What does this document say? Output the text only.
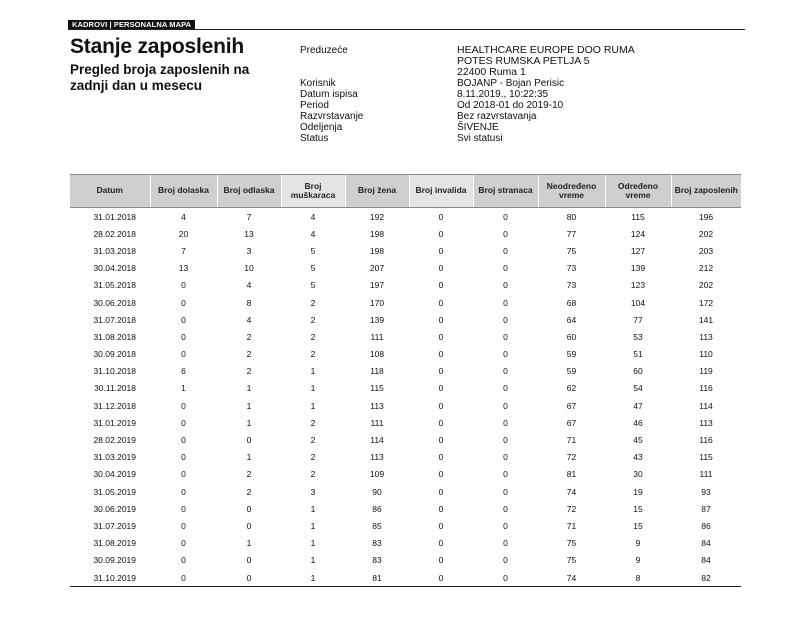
KADROVI | PERSONALNA MAPA
Stanje zaposlenih
Pregled broja zaposlenih na zadnji dan u mesecu
Preduzeće	HEALTHCARE EUROPE DOO RUMA
POTES RUMSKA PETLJA 5
22400 Ruma 1
Korisnik	BOJANP - Bojan Perisic
Datum ispisa	8.11.2019., 10:22:35
Period	Od 2018-01 do 2019-10
Razvrstavanje	Bez razvrstavanja
Odeljenja	ŠIVENJE
Status	Svi statusi
Datum	Broj dolaska	Broj odlaska	Broj muškaraca	Broj žena	Broj invalida	Broj stranaca	Neodređeno vreme	Određeno vreme	Broj zaposlenih
31.01.2018	4	7	4	192	0	0	80	115	196
28.02.2018	20	13	4	198	0	0	77	124	202
31.03.2018	7	3	5	198	0	0	75	127	203
30.04.2018	13	10	5	207	0	0	73	139	212
31.05.2018	0	4	5	197	0	0	73	123	202
30.06.2018	0	8	2	170	0	0	68	104	172
31.07.2018	0	4	2	139	0	0	64	77	141
31.08.2018	0	2	2	111	0	0	60	53	113
30.09.2018	0	2	2	108	0	0	59	51	110
31.10.2018	6	2	1	118	0	0	59	60	119
30.11.2018	1	1	1	115	0	0	62	54	116
31.12.2018	0	1	1	113	0	0	67	47	114
31.01.2019	0	1	2	111	0	0	67	46	113
28.02.2019	0	0	2	114	0	0	71	45	116
31.03.2019	0	1	2	113	0	0	72	43	115
30.04.2019	0	2	2	109	0	0	81	30	111
31.05.2019	0	2	3	90	0	0	74	19	93
30.06.2019	0	0	1	86	0	0	72	15	87
31.07.2019	0	0	1	85	0	0	71	15	86
31.08.2019	0	1	1	83	0	0	75	9	84
30.09.2019	0	0	1	83	0	0	75	9	84
31.10.2019	0	0	1	81	0	0	74	8	82
